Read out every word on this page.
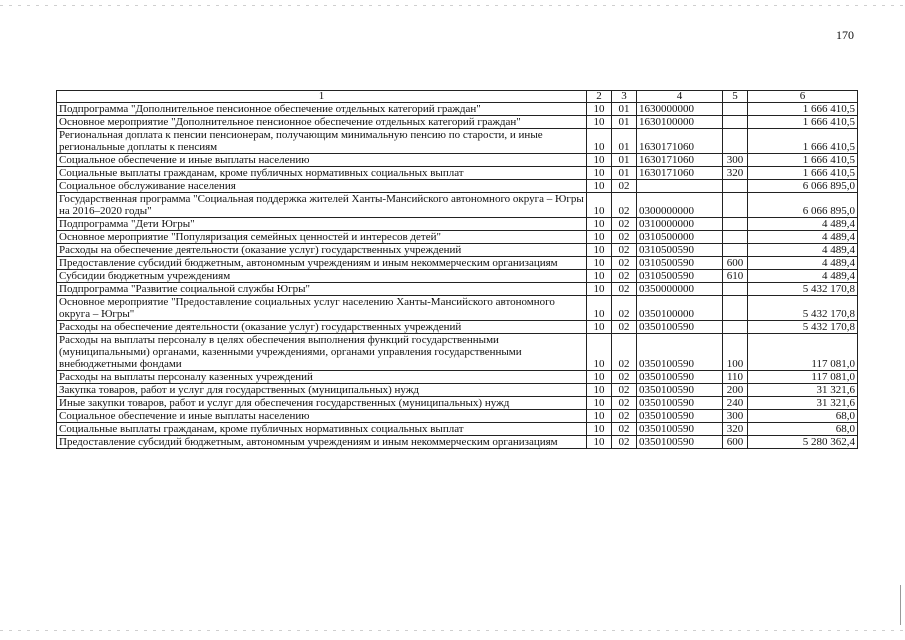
170
1	2	3	4	5	6
Подпрограмма "Дополнительное пенсионное обеспечение отдельных категорий граждан"	10	01	1630000000		1 666 410,5
Основное мероприятие "Дополнительное пенсионное обеспечение отдельных категорий граждан"	10	01	1630100000		1 666 410,5
Региональная доплата к пенсии пенсионерам, получающим минимальную пенсию по старости, и иные региональные доплаты к пенсиям	10	01	1630171060		1 666 410,5
Социальное обеспечение и иные выплаты населению	10	01	1630171060	300	1 666 410,5
Социальные выплаты гражданам, кроме публичных нормативных социальных выплат	10	01	1630171060	320	1 666 410,5
Социальное обслуживание населения	10	02			6 066 895,0
Государственная программа "Социальная поддержка жителей Ханты-Мансийского автономного округа – Югры на 2016–2020 годы"	10	02	0300000000		6 066 895,0
Подпрограмма "Дети Югры"	10	02	0310000000		4 489,4
Основное мероприятие "Популяризация семейных ценностей и интересов детей"	10	02	0310500000		4 489,4
Расходы на обеспечение деятельности (оказание услуг) государственных учреждений	10	02	0310500590		4 489,4
Предоставление субсидий бюджетным, автономным учреждениям и иным некоммерческим организациям	10	02	0310500590	600	4 489,4
Субсидии бюджетным учреждениям	10	02	0310500590	610	4 489,4
Подпрограмма "Развитие социальной службы Югры"	10	02	0350000000		5 432 170,8
Основное мероприятие "Предоставление социальных услуг населению Ханты-Мансийского автономного округа – Югры"	10	02	0350100000		5 432 170,8
Расходы на обеспечение деятельности (оказание услуг) государственных учреждений	10	02	0350100590		5 432 170,8
Расходы на выплаты персоналу в целях обеспечения выполнения функций государственными (муниципальными) органами, казенными учреждениями, органами управления государственными внебюджетными фондами	10	02	0350100590	100	117 081,0
Расходы на выплаты персоналу казенных учреждений	10	02	0350100590	110	117 081,0
Закупка товаров, работ и услуг для государственных (муниципальных) нужд	10	02	0350100590	200	31 321,6
Иные закупки товаров, работ и услуг для обеспечения государственных (муниципальных) нужд	10	02	0350100590	240	31 321,6
Социальное обеспечение и иные выплаты населению	10	02	0350100590	300	68,0
Социальные выплаты гражданам, кроме публичных нормативных социальных выплат	10	02	0350100590	320	68,0
Предоставление субсидий бюджетным, автономным учреждениям и иным некоммерческим организациям	10	02	0350100590	600	5 280 362,4
